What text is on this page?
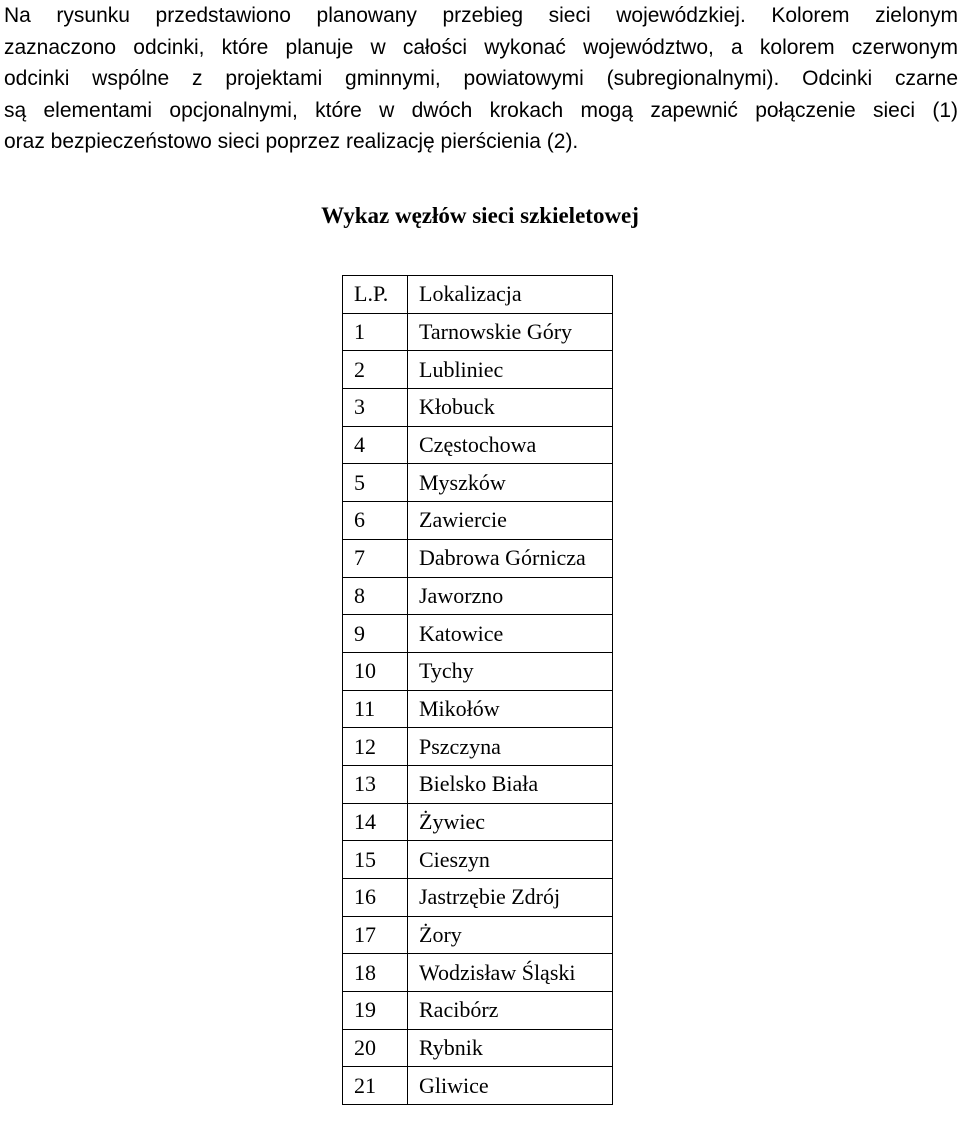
Na rysunku przedstawiono planowany przebieg sieci wojewódzkiej. Kolorem zielonym
zaznaczono odcinki, które planuje w całości wykonać województwo, a kolorem czerwonym
odcinki wspólne z projektami gminnymi, powiatowymi (subregionalnymi). Odcinki czarne
są elementami opcjonalnymi, które w dwóch krokach mogą zapewnić połączenie sieci (1)
oraz bezpieczeństowo sieci poprzez realizację pierścienia (2).

Wykaz węzłów sieci szkieletowej
L.P.	Lokalizacja
1	Tarnowskie Góry
2	Lubliniec
3	Kłobuck
4	Częstochowa
5	Myszków
6	Zawiercie
7	Dabrowa Górnicza
8	Jaworzno
9	Katowice
10	Tychy
11	Mikołów
12	Pszczyna
13	Bielsko Biała
14	Żywiec
15	Cieszyn
16	Jastrzębie Zdrój
17	Żory
18	Wodzisław Śląski
19	Racibórz
20	Rybnik
21	Gliwice
